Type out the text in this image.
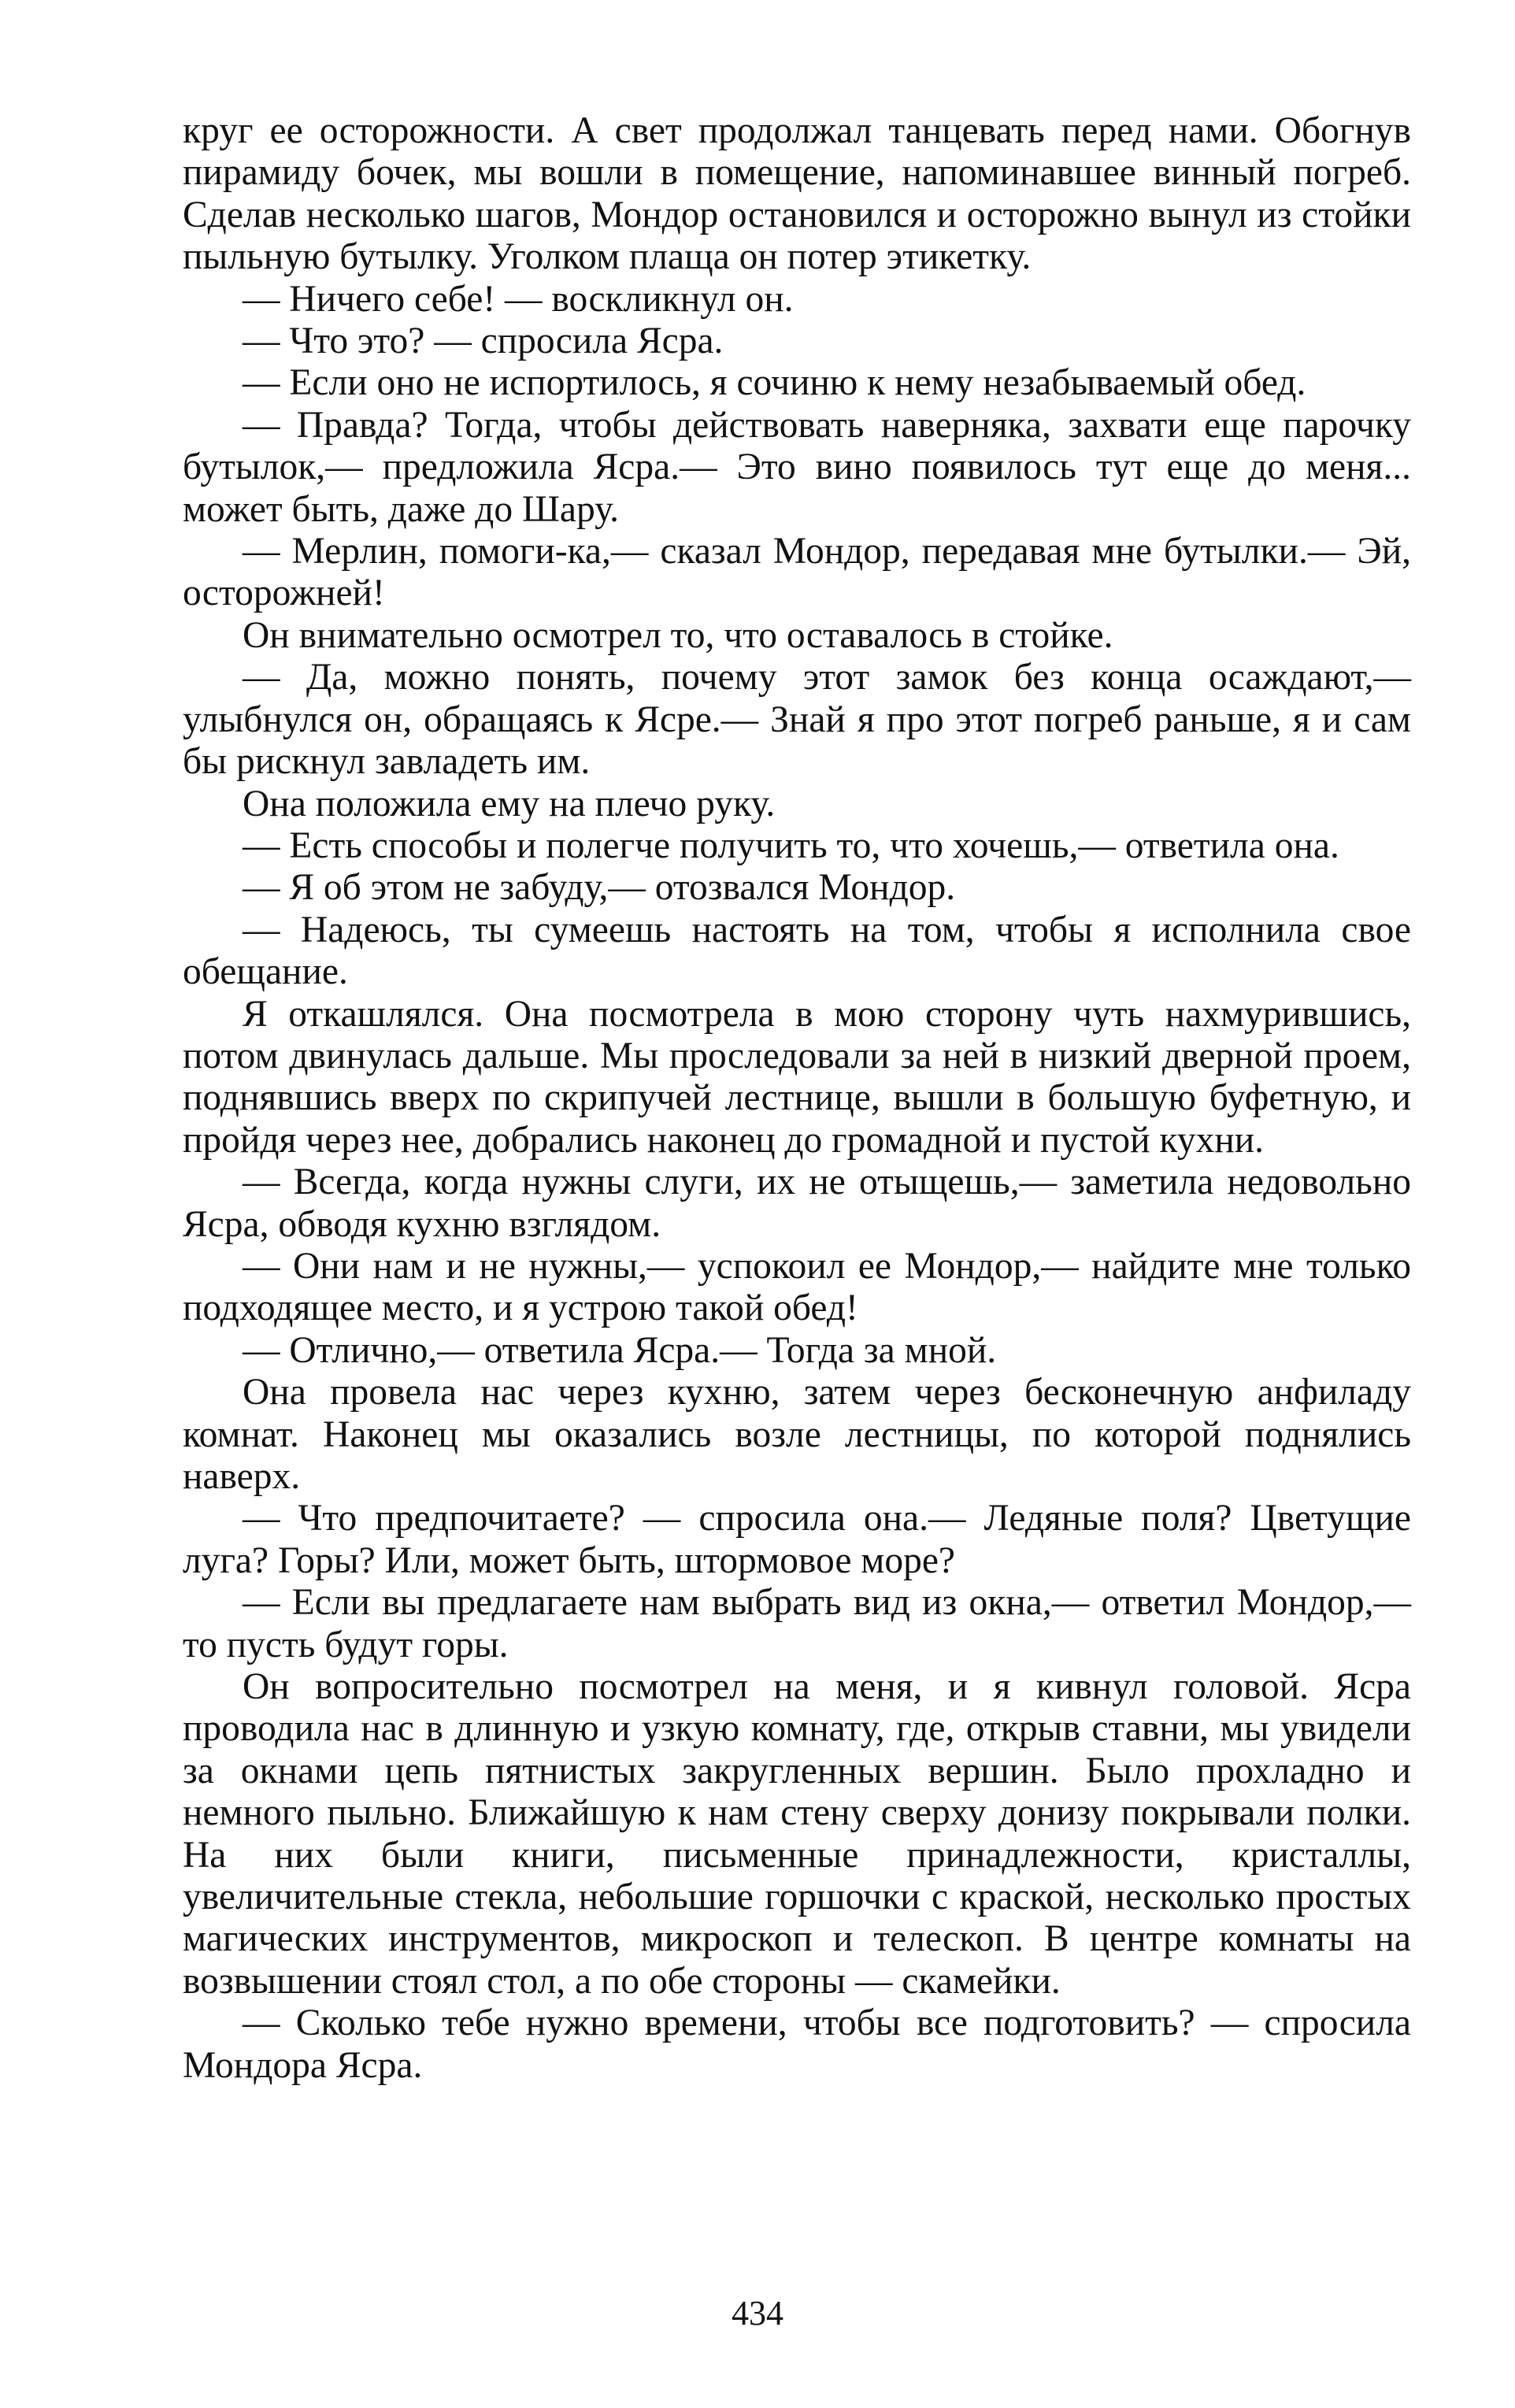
круг ее осторожности. А свет продолжал танцевать перед нами. Обогнув пирамиду бочек, мы вошли в помещение, напоминавшее винный погреб. Сделав несколько шагов, Мондор остановился и осторожно вынул из стойки пыльную бутылку. Уголком плаща он потер этикетку.

— Ничего себе! — воскликнул он.

— Что это? — спросила Ясра.

— Если оно не испортилось, я сочиню к нему незабываемый обед.

— Правда? Тогда, чтобы действовать наверняка, захвати еще парочку бутылок,— предложила Ясра.— Это вино появилось тут еще до меня... может быть, даже до Шару.

— Мерлин, помоги-ка,— сказал Мондор, передавая мне бутылки.— Эй, осторожней!

Он внимательно осмотрел то, что оставалось в стойке.

— Да, можно понять, почему этот замок без конца осаждают,— улыбнулся он, обращаясь к Ясре.— Знай я про этот погреб раньше, я и сам бы рискнул завладеть им.

Она положила ему на плечо руку.

— Есть способы и полегче получить то, что хочешь,— ответила она.

— Я об этом не забуду,— отозвался Мондор.

— Надеюсь, ты сумеешь настоять на том, чтобы я исполнила свое обещание.

Я откашлялся. Она посмотрела в мою сторону чуть нахмурившись, потом двинулась дальше. Мы проследовали за ней в низкий дверной проем, поднявшись вверх по скрипучей лестнице, вышли в большую буфетную, и пройдя через нее, добрались наконец до громадной и пустой кухни.

— Всегда, когда нужны слуги, их не отыщешь,— заметила недовольно Ясра, обводя кухню взглядом.

— Они нам и не нужны,— успокоил ее Мондор,— найдите мне только подходящее место, и я устрою такой обед!

— Отлично,— ответила Ясра.— Тогда за мной.

Она провела нас через кухню, затем через бесконечную анфиладу комнат. Наконец мы оказались возле лестницы, по которой поднялись наверх.

— Что предпочитаете? — спросила она.— Ледяные поля? Цветущие луга? Горы? Или, может быть, штормовое море?

— Если вы предлагаете нам выбрать вид из окна,— ответил Мондор,— то пусть будут горы.

Он вопросительно посмотрел на меня, и я кивнул головой. Ясра проводила нас в длинную и узкую комнату, где, открыв ставни, мы увидели за окнами цепь пятнистых закругленных вершин. Было прохладно и немного пыльно. Ближайшую к нам стену сверху донизу покрывали полки. На них были книги, письменные принадлежности, кристаллы, увеличительные стекла, небольшие горшочки с краской, несколько простых магических инструментов, микроскоп и телескоп. В центре комнаты на возвышении стоял стол, а по обе стороны — скамейки.

— Сколько тебе нужно времени, чтобы все подготовить? — спросила Мондора Ясра.

434
